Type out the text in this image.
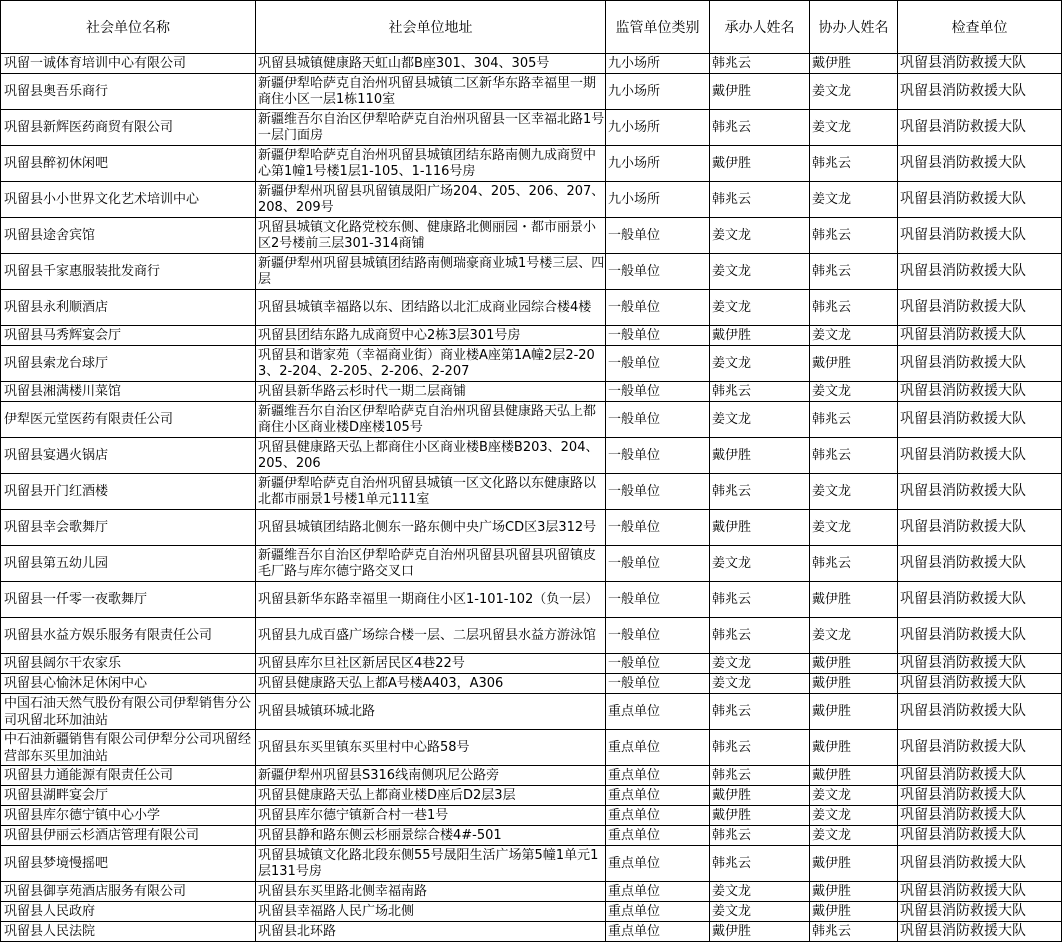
社会单位名称	社会单位地址	监管单位类别	承办人姓名	协办人姓名	检查单位
巩留一诚体育培训中心有限公司	巩留县城镇健康路天虹山都B座301、304、305号	九小场所	韩兆云	戴伊胜	巩留县消防救援大队
巩留县奥吾乐商行	新疆伊犁哈萨克自治州巩留县城镇二区新华东路幸福里一期商住小区一层1栋110室	九小场所	戴伊胜	姜文龙	巩留县消防救援大队
巩留县新辉医药商贸有限公司	新疆维吾尔自治区伊犁哈萨克自治州巩留县一区幸福北路1号一层门面房	九小场所	韩兆云	姜文龙	巩留县消防救援大队
巩留县醉初休闲吧	新疆伊犁哈萨克自治州巩留县城镇团结东路南侧九成商贸中心第1幢1号楼1层1-105、1-116号房	九小场所	戴伊胜	韩兆云	巩留县消防救援大队
巩留县小小世界文化艺术培训中心	新疆伊犁州巩留县巩留镇晟阳广场204、205、206、207、208、209号	九小场所	韩兆云	姜文龙	巩留县消防救援大队
巩留县途舍宾馆	巩留县城镇文化路党校东侧、健康路北侧丽园・都市丽景小区2号楼前三层301-314商铺	一般单位	姜文龙	韩兆云	巩留县消防救援大队
巩留县千家惠服装批发商行	新疆伊犁州巩留县城镇团结路南侧瑞豪商业城1号楼三层、四层	一般单位	姜文龙	韩兆云	巩留县消防救援大队
巩留县永利顺酒店	巩留县城镇幸福路以东、团结路以北汇成商业园综合楼4楼	一般单位	姜文龙	韩兆云	巩留县消防救援大队
巩留县马秀辉宴会厅	巩留县团结东路九成商贸中心2栋3层301号房	一般单位	戴伊胜	姜文龙	巩留县消防救援大队
巩留县索龙台球厅	巩留县和谐家苑（幸福商业街）商业楼A座第1A幢2层2-203、2-204、2-205、2-206、2-207	一般单位	姜文龙	戴伊胜	巩留县消防救援大队
巩留县湘满楼川菜馆	巩留县新华路云杉时代一期二层商铺	一般单位	韩兆云	姜文龙	巩留县消防救援大队
伊犁医元堂医药有限责任公司	新疆维吾尔自治区伊犁哈萨克自治州巩留县健康路天弘上都商住小区商业楼D座楼105号	一般单位	姜文龙	韩兆云	巩留县消防救援大队
巩留县宴遇火锅店	巩留县健康路天弘上都商住小区商业楼B座楼B203、204、205、206	一般单位	戴伊胜	韩兆云	巩留县消防救援大队
巩留县开门红酒楼	新疆伊犁哈萨克自治州巩留县城镇一区文化路以东健康路以北都市丽景1号楼1单元111室	一般单位	韩兆云	姜文龙	巩留县消防救援大队
巩留县幸会歌舞厅	巩留县城镇团结路北侧东一路东侧中央广场CD区3层312号	一般单位	戴伊胜	姜文龙	巩留县消防救援大队
巩留县第五幼儿园	新疆维吾尔自治区伊犁哈萨克自治州巩留县巩留县巩留镇皮毛厂路与库尔德宁路交叉口	一般单位	姜文龙	韩兆云	巩留县消防救援大队
巩留县一仟零一夜歌舞厅	巩留县新华东路幸福里一期商住小区1-101-102（负一层）	一般单位	韩兆云	戴伊胜	巩留县消防救援大队
巩留县水益方娱乐服务有限责任公司	巩留县九成百盛广场综合楼一层、二层巩留县水益方游泳馆	一般单位	韩兆云	姜文龙	巩留县消防救援大队
巩留县阔尔干农家乐	巩留县库尔旦社区新居民区4巷22号	一般单位	姜文龙	戴伊胜	巩留县消防救援大队
巩留县心愉沐足休闲中心	巩留县健康路天弘上都A号楼A403，A306	一般单位	姜文龙	戴伊胜	巩留县消防救援大队
中国石油天然气股份有限公司伊犁销售分公司巩留北环加油站	巩留县城镇环城北路	重点单位	韩兆云	戴伊胜	巩留县消防救援大队
中石油新疆销售有限公司伊犁分公司巩留经营部东买里加油站	巩留县东买里镇东买里村中心路58号	重点单位	韩兆云	戴伊胜	巩留县消防救援大队
巩留县力通能源有限责任公司	新疆伊犁州巩留县S316线南侧巩尼公路旁	重点单位	韩兆云	戴伊胜	巩留县消防救援大队
巩留县湖畔宴会厅	巩留县健康路天弘上都商业楼D座后D2层3层	重点单位	戴伊胜	姜文龙	巩留县消防救援大队
巩留县库尔德宁镇中心小学	巩留县库尔德宁镇新合村一巷1号	重点单位	戴伊胜	姜文龙	巩留县消防救援大队
巩留县伊丽云杉酒店管理有限公司	巩留县静和路东侧云杉丽景综合楼4#-501	重点单位	韩兆云	姜文龙	巩留县消防救援大队
巩留县梦境慢摇吧	巩留县城镇文化路北段东侧55号晟阳生活广场第5幢1单元1层131号房	重点单位	韩兆云	戴伊胜	巩留县消防救援大队
巩留县御享苑酒店服务有限公司	巩留县东买里路北侧幸福南路	重点单位	姜文龙	戴伊胜	巩留县消防救援大队
巩留县人民政府	巩留县幸福路人民广场北侧	重点单位	姜文龙	戴伊胜	巩留县消防救援大队
巩留县人民法院	巩留县北环路	重点单位	戴伊胜	韩兆云	巩留县消防救援大队
